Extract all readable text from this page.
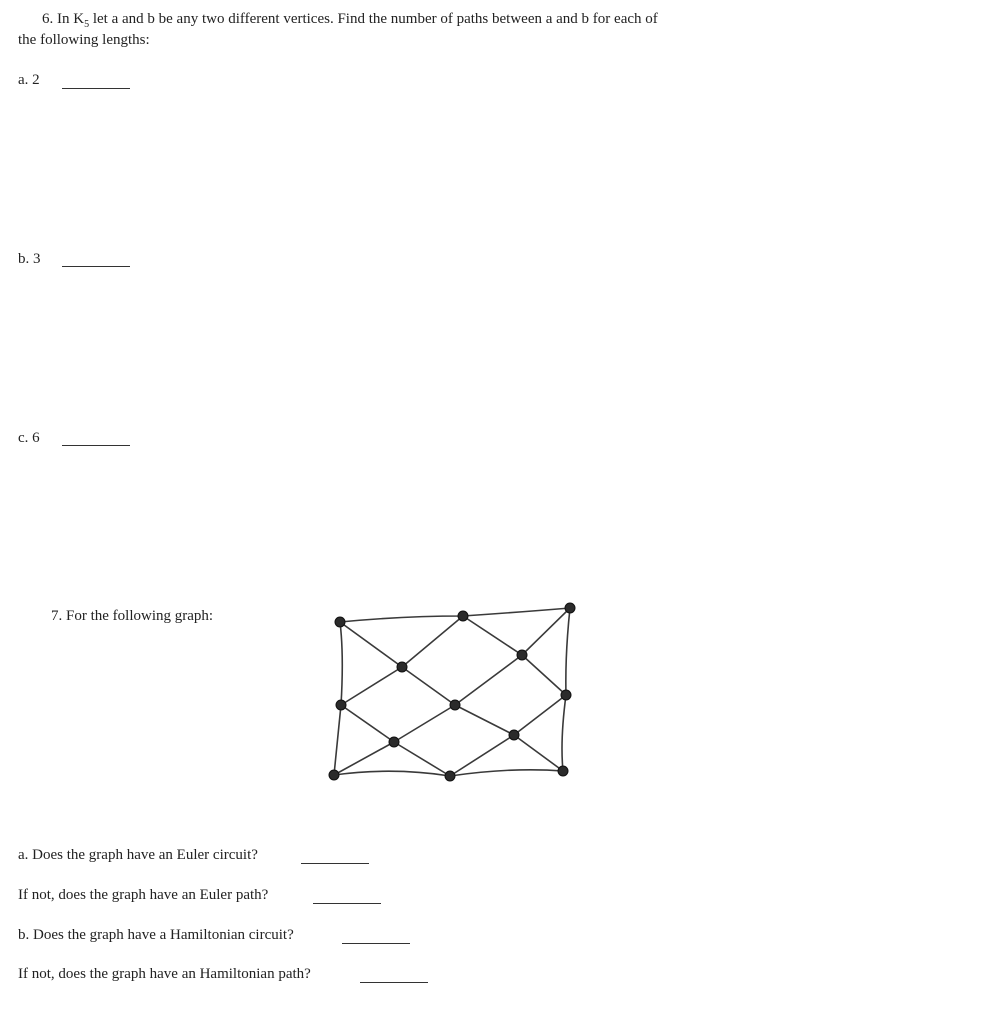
6. In $K_5$ let a and b be any two different vertices. Find the number of paths between a and b for each of
the following lengths:
a. 2
b. 3
c. 6
7. For the following graph:
a. Does the graph have an Euler circuit?
If not, does the graph have an Euler path?
b. Does the graph have a Hamiltonian circuit?
If not, does the graph have an Hamiltonian path?
